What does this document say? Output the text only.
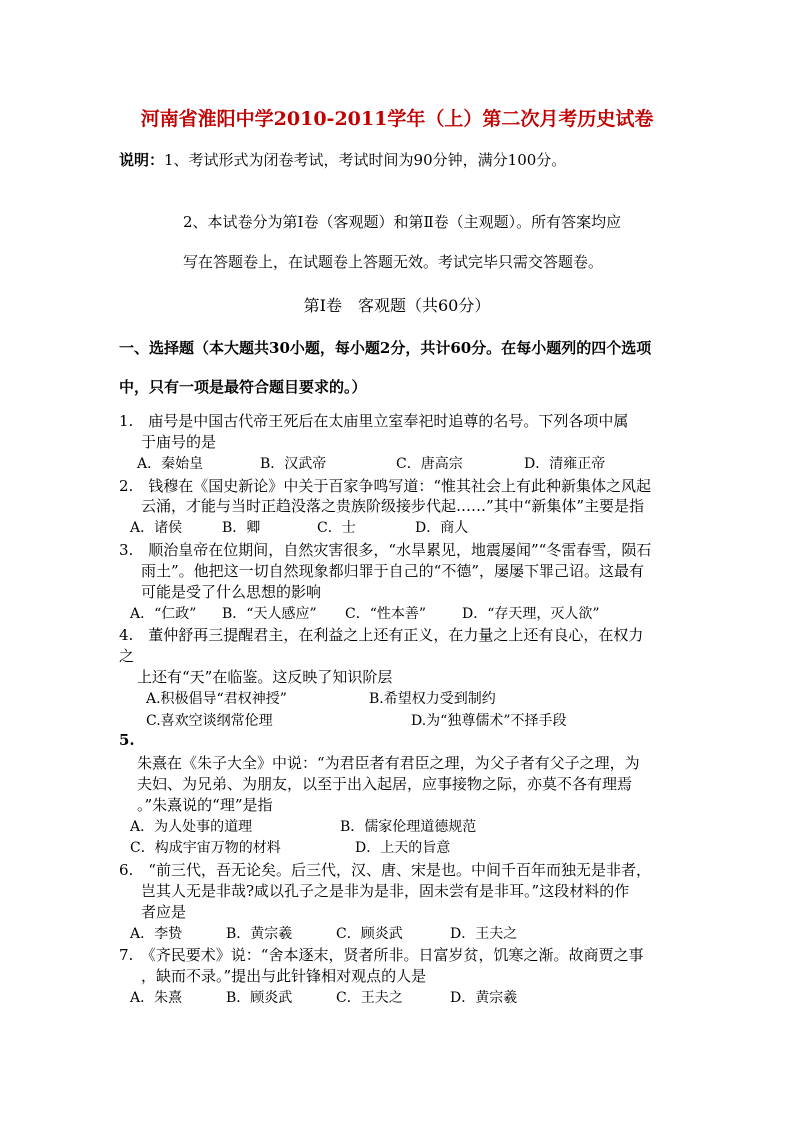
河南省淮阳中学2010-2011学年（上）第二次月考历史试卷
说明：1、考试形式为闭卷考试，考试时间为90分钟，满分100分。
2、本试卷分为第Ⅰ卷（客观题）和第Ⅱ卷（主观题）。所有答案均应
写在答题卷上，在试题卷上答题无效。考试完毕只需交答题卷。
第Ⅰ卷　客观题（共60分）
一、选择题（本大题共30小题，每小题2分，共计60分。在每小题列的四个选项
中，只有一项是最符合题目要求的。）
1.　庙号是中国古代帝王死后在太庙里立室奉祀时追尊的名号。下列各项中属
于庙号的是
A．秦始皇	B．汉武帝	C．唐高宗	D．清雍正帝
2.　钱穆在《国史新论》中关于百家争鸣写道：“惟其社会上有此种新集体之风起
云涌，才能与当时正趋没落之贵族阶级接步代起……”其中“新集体”主要是指
A．诸侯	B．卿	C．士	D．商人
3.　顺治皇帝在位期间，自然灾害很多，“水旱累见，地震屡闻”“冬雷春雪，陨石
雨土”。他把这一切自然现象都归罪于自己的“不德”，屡屡下罪己诏。这最有
可能是受了什么思想的影响
A．“仁政” B．“天人感应” C．“性本善”	D．“存天理，灭人欲”
4.　董仲舒再三提醒君主，在利益之上还有正义，在力量之上还有良心，在权力
之
上还有“天”在临鉴。这反映了知识阶层
A.积极倡导“君权神授”	B.希望权力受到制约
C.喜欢空谈纲常伦理	D.为“独尊儒术”不择手段
5.
朱熹在《朱子大全》中说：“为君臣者有君臣之理，为父子者有父子之理，为
夫妇、为兄弟、为朋友，以至于出入起居，应事接物之际，亦莫不各有理焉
。”朱熹说的“理”是指
A．为人处事的道理	B．儒家伦理道德规范
C．构成宇宙万物的材料	D．上天的旨意
6.　“前三代，吾无论矣。后三代，汉、唐、宋是也。中间千百年而独无是非者，
岂其人无是非哉?咸以孔子之是非为是非，固未尝有是非耳。”这段材料的作
者应是
A．李贽	B．黄宗羲	C．顾炎武	D．王夫之
7.　《齐民要术》说：“舍本逐末，贤者所非。日富岁贫，饥寒之渐。故商贾之事
，缺而不录。”提出与此针锋相对观点的人是
A．朱熹	B．顾炎武	C．王夫之	D．黄宗羲
